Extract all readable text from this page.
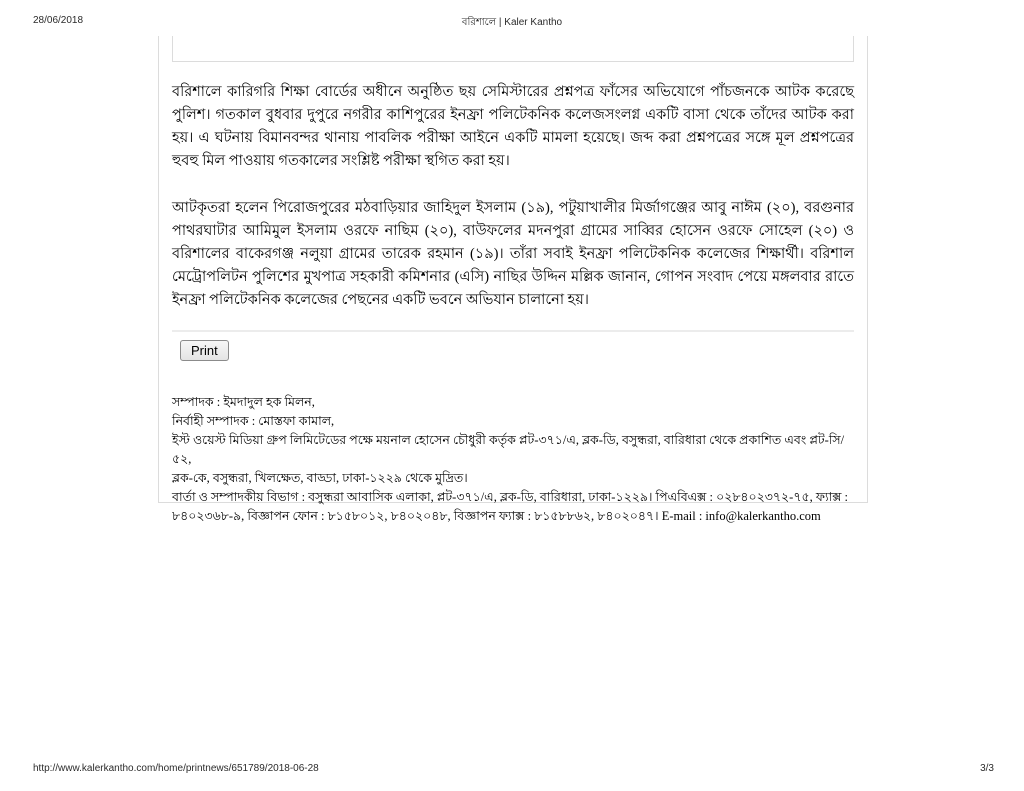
28/06/2018	বরিশালে | Kaler Kantho

বরিশালে কারিগরি শিক্ষা বোর্ডের অধীনে অনুষ্ঠিত ছয় সেমিস্টারের প্রশ্নপত্র ফাঁসের অভিযোগে পাঁচজনকে আটক করেছে পুলিশ। গতকাল বুধবার দুপুরে নগরীর কাশিপুরের ইনফ্রা পলিটেকনিক কলেজসংলগ্ন একটি বাসা থেকে তাঁদের আটক করা হয়। এ ঘটনায় বিমানবন্দর থানায় পাবলিক পরীক্ষা আইনে একটি মামলা হয়েছে। জব্দ করা প্রশ্নপত্রের সঙ্গে মূল প্রশ্নপত্রের হুবহু মিল পাওয়ায় গতকালের সংশ্লিষ্ট পরীক্ষা স্থগিত করা হয়।

আটকৃতরা হলেন পিরোজপুরের মঠবাড়িয়ার জাহিদুল ইসলাম (১৯), পটুয়াখালীর মির্জাগঞ্জের আবু নাঈম (২০), বরগুনার পাথরঘাটার আমিমুল ইসলাম ওরফে নাছিম (২০), বাউফলের মদনপুরা গ্রামের সাব্বির হোসেন ওরফে সোহেল (২০) ও বরিশালের বাকেরগঞ্জ নলুয়া গ্রামের তারেক রহমান (১৯)। তাঁরা সবাই ইনফ্রা পলিটেকনিক কলেজের শিক্ষার্থী। বরিশাল মেট্রোপলিটন পুলিশের মুখপাত্র সহকারী কমিশনার (এসি) নাছির উদ্দিন মল্লিক জানান, গোপন সংবাদ পেয়ে মঙ্গলবার রাতে ইনফ্রা পলিটেকনিক কলেজের পেছনের একটি ভবনে অভিযান চালানো হয়।

Print
সম্পাদক : ইমদাদুল হক মিলন,
নির্বাহী সম্পাদক : মোস্তফা কামাল,
ইস্ট ওয়েস্ট মিডিয়া গ্রুপ লিমিটেডের পক্ষে ময়নাল হোসেন চৌধুরী কর্তৃক প্লট-৩৭১/এ, ব্লক-ডি, বসুন্ধরা, বারিধারা থেকে প্রকাশিত এবং প্লট-সি/৫২,
ব্লক-কে, বসুন্ধরা, খিলক্ষেত, বাড্ডা, ঢাকা-১২২৯ থেকে মুদ্রিত।
বার্তা ও সম্পাদকীয় বিভাগ : বসুন্ধরা আবাসিক এলাকা, প্লট-৩৭১/এ, ব্লক-ডি, বারিধারা, ঢাকা-১২২৯। পিএবিএক্স : ০২৮৪০২৩৭২-৭৫, ফ্যাক্স :
৮৪০২৩৬৮-৯, বিজ্ঞাপন ফোন : ৮১৫৮০১২, ৮৪০২০৪৮, বিজ্ঞাপন ফ্যাক্স : ৮১৫৮৮৬২, ৮৪০২০৪৭। E-mail : info@kalerkantho.com
http://www.kalerkantho.com/home/printnews/651789/2018-06-28	3/3
